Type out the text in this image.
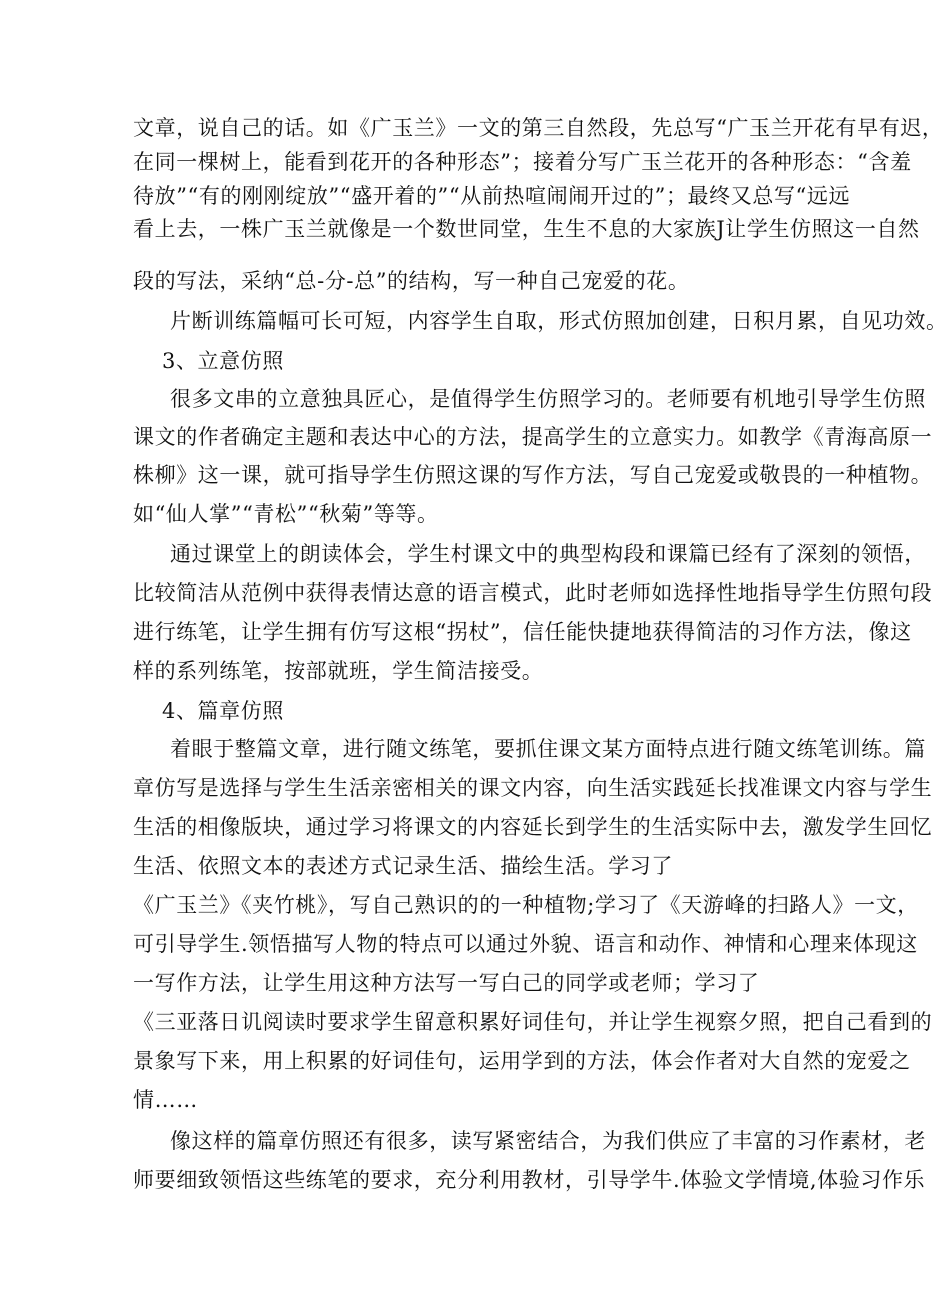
文章，说自己的话。如《广玉兰》一文的第三自然段，先总写“广玉兰开花有早有迟，
在同一棵树上，能看到花开的各种形态”；接着分写广玉兰花开的各种形态：“含羞
待放”“有的刚刚绽放”“盛开着的”“从前热喧闹闹开过的”；最终又总写“远远
看上去，一株广玉兰就像是一个数世同堂，生生不息的大家族J让学生仿照这一自然
段的写法，采纳“总-分-总”的结构，写一种自己宠爱的花。
片断训练篇幅可长可短，内容学生自取，形式仿照加创建，日积月累，自见功效。
3、立意仿照
很多文串的立意独具匠心，是值得学生仿照学习的。老师要有机地引导学生仿照
课文的作者确定主题和表达中心的方法，提高学生的立意实力。如教学《青海高原一
株柳》这一课，就可指导学生仿照这课的写作方法，写自己宠爱或敬畏的一种植物。
如“仙人掌”“青松”“秋菊”等等。
通过课堂上的朗读体会，学生村课文中的典型构段和课篇已经有了深刻的领悟，
比较简洁从范例中获得表情达意的语言模式，此时老师如选择性地指导学生仿照句段
进行练笔，让学生拥有仿写这根“拐杖”，信任能快捷地获得简洁的习作方法，像这
样的系列练笔，按部就班，学生简洁接受。
4、篇章仿照
着眼于整篇文章，进行随文练笔，要抓住课文某方面特点进行随文练笔训练。篇
章仿写是选择与学生生活亲密相关的课文内容，向生活实践延长找准课文内容与学生
生活的相像版块，通过学习将课文的内容延长到学生的生活实际中去，激发学生回忆
生活、依照文本的表述方式记录生活、描绘生活。学习了
《广玉兰》《夹竹桃》，写自己熟识的的一种植物;学习了《天游峰的扫路人》一文，
可引导学生.领悟描写人物的特点可以通过外貌、语言和动作、神情和心理来体现这
一写作方法，让学生用这种方法写一写白己的同学或老师；学习了
《三亚落日讥阅读时要求学生留意积累好词佳句，并让学生视察夕照，把自己看到的
景象写下来，用上积累的好词佳句，运用学到的方法，体会作者对大自然的宠爱之
情……
像这样的篇章仿照还有很多，读写紧密结合，为我们供应了丰富的习作素材，老
师要细致领悟这些练笔的要求，充分利用教材，引导学牛.体验文学情境,体验习作乐
